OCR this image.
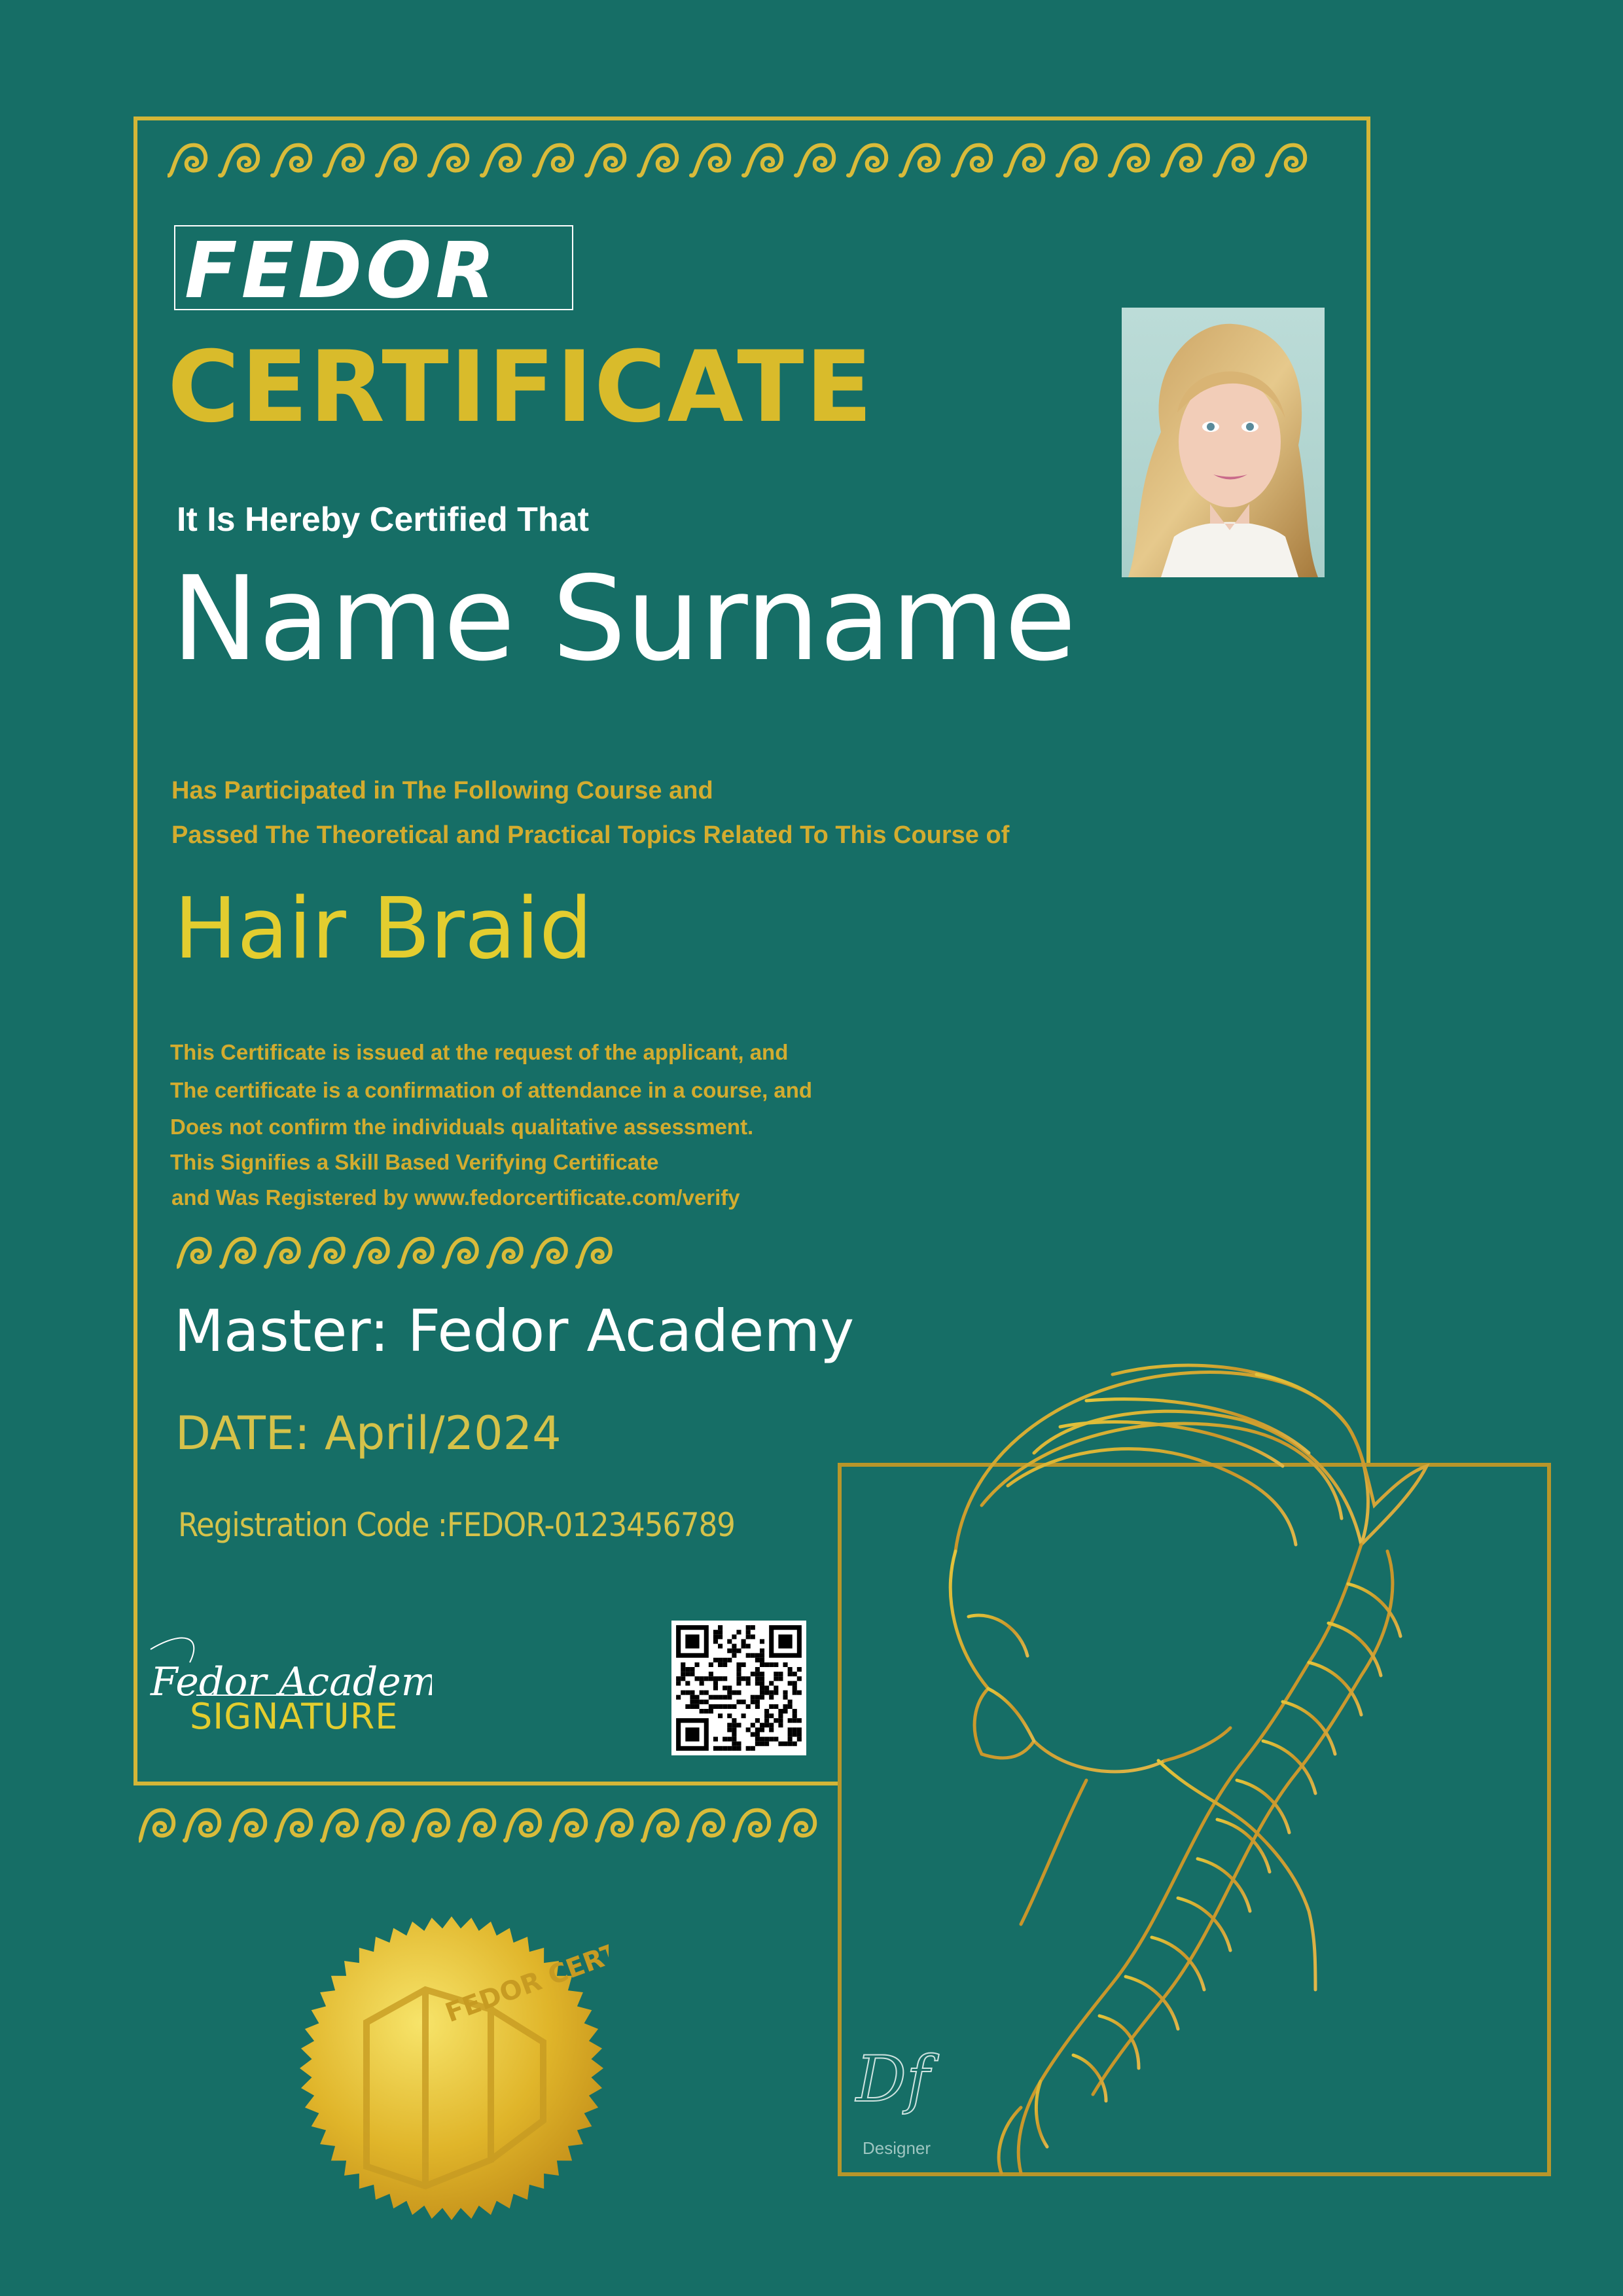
FEDOR
CERTIFICATE
It Is Hereby Certified That
Name Surname
Has Participated in The Following Course and
Passed The Theoretical and Practical Topics Related To This Course of
Hair Braid
This Certificate is issued at the request of the applicant, and
The certificate is a confirmation of attendance in a course, and
Does not confirm the individuals qualitative assessment.
This Signifies a Skill Based Verifying Certificate
and Was Registered by www.fedorcertificate.com/verify
Master: Fedor Academy
DATE: April/2024
Registration Code :FEDOR-0123456789
Fedor Academy
SIGNATURE
FEDOR CERT
Df
Designer
